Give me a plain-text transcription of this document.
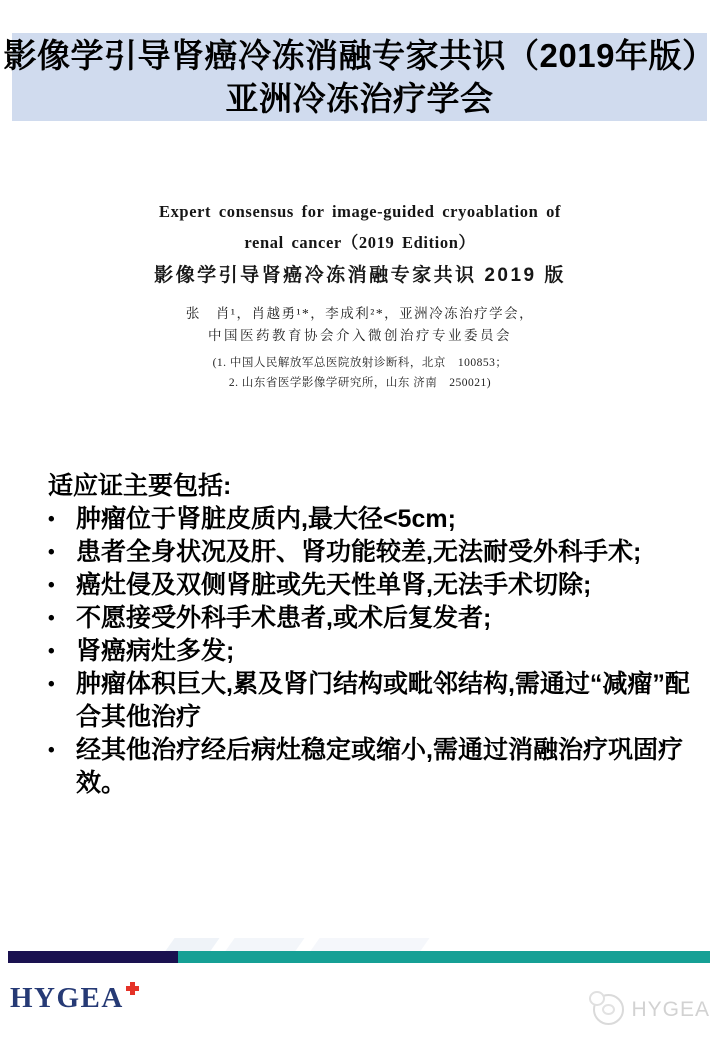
影像学引导肾癌冷冻消融专家共识（2019年版）
亚洲冷冻治疗学会
Expert consensus for image-guided cryoablation of
renal cancer（2019 Edition）
影像学引导肾癌冷冻消融专家共识 2019 版
张　肖¹，肖越勇¹*，李成利²*，亚洲冷冻治疗学会，
中国医药教育协会介入微创治疗专业委员会
(1. 中国人民解放军总医院放射诊断科，北京　100853；
2. 山东省医学影像学研究所，山东 济南　250021)
适应证主要包括:
• 肿瘤位于肾脏皮质内,最大径<5cm;
• 患者全身状况及肝、肾功能较差,无法耐受外科手术;
• 癌灶侵及双侧肾脏或先天性单肾,无法手术切除;
• 不愿接受外科手术患者,或术后复发者;
• 肾癌病灶多发;
• 肿瘤体积巨大,累及肾门结构或毗邻结构,需通过“减瘤”配合其他治疗
• 经其他治疗经后病灶稳定或缩小,需通过消融治疗巩固疗效。
HYGEA	HYGEA
